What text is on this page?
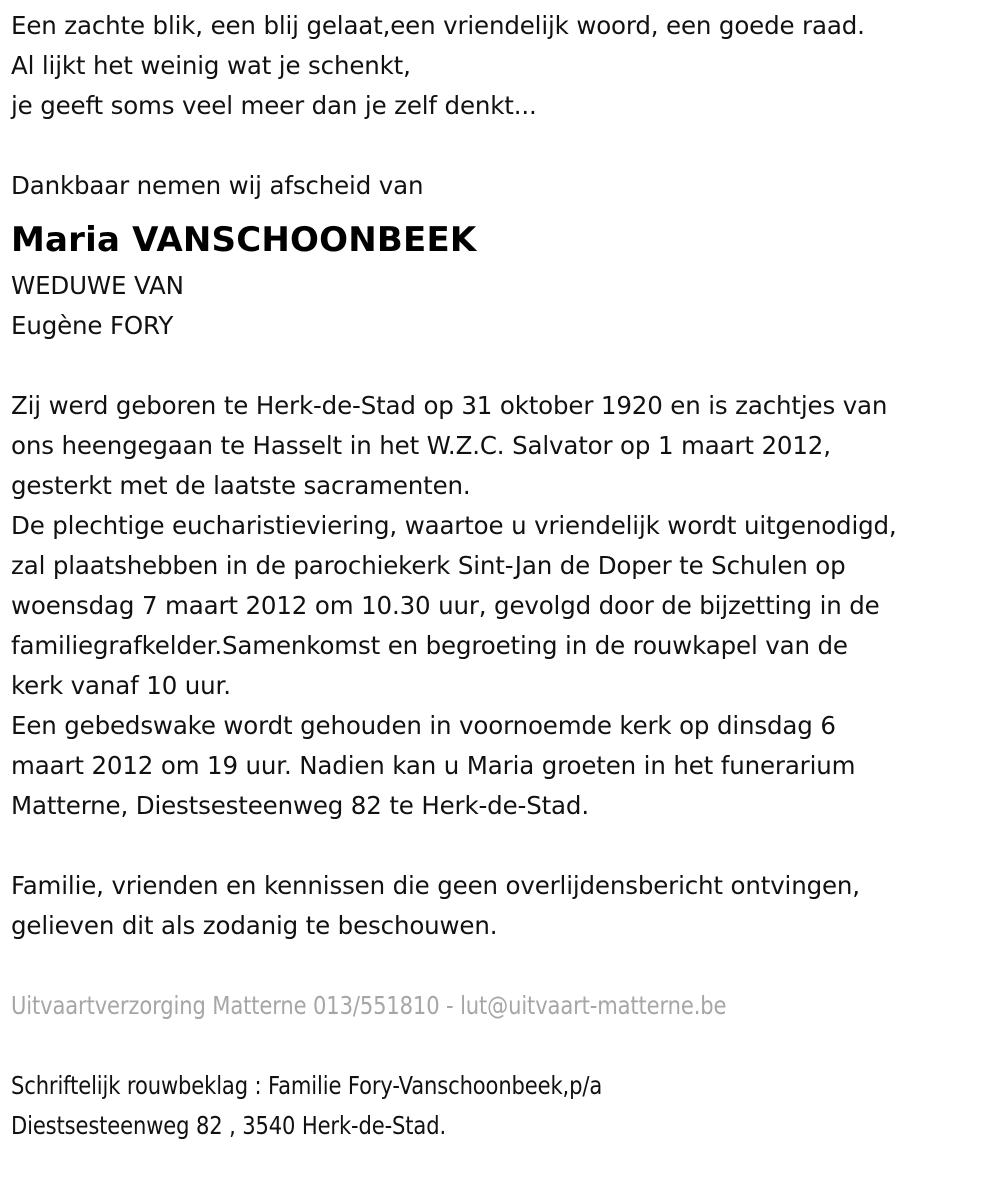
Een zachte blik, een blij gelaat,een vriendelijk woord, een goede raad.
Al lijkt het weinig wat je schenkt,
je geeft soms veel meer dan je zelf denkt...
Dankbaar nemen wij afscheid van
Maria VANSCHOONBEEK
WEDUWE VAN
Eugène FORY
Zij werd geboren te Herk-de-Stad op 31 oktober 1920 en is zachtjes van
ons heengegaan te Hasselt in het W.Z.C. Salvator op 1 maart 2012,
gesterkt met de laatste sacramenten.
De plechtige eucharistieviering, waartoe u vriendelijk wordt uitgenodigd,
zal plaatshebben in de parochiekerk Sint-Jan de Doper te Schulen op
woensdag 7 maart 2012 om 10.30 uur, gevolgd door de bijzetting in de
familiegrafkelder.Samenkomst en begroeting in de rouwkapel van de
kerk vanaf 10 uur.
Een gebedswake wordt gehouden in voornoemde kerk op dinsdag 6
maart 2012 om 19 uur. Nadien kan u Maria groeten in het funerarium
Matterne, Diestsesteenweg 82 te Herk-de-Stad.
Familie, vrienden en kennissen die geen overlijdensbericht ontvingen,
gelieven dit als zodanig te beschouwen.
Uitvaartverzorging Matterne 013/551810 - lut@uitvaart-matterne.be
Schriftelijk rouwbeklag : Familie Fory-Vanschoonbeek,p/a
Diestsesteenweg 82 , 3540 Herk-de-Stad.
